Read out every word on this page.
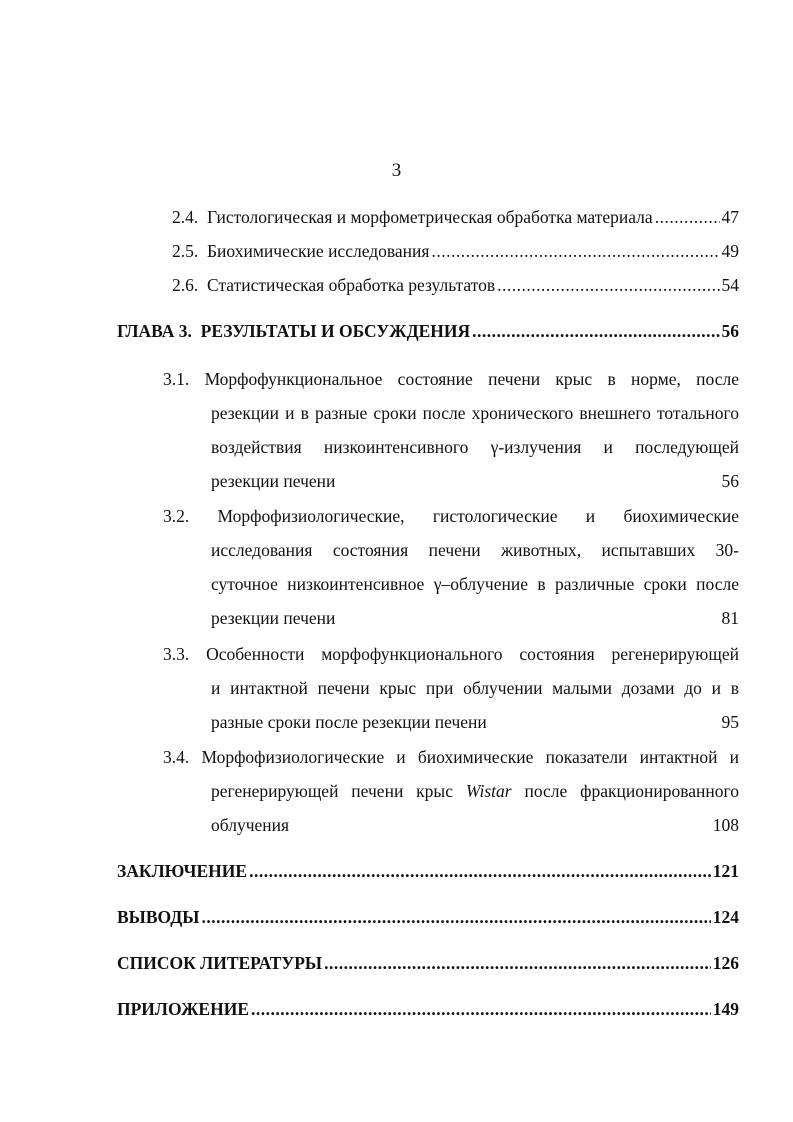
3
2.4.
Гистологическая и морфометрическая обработка материала .....	47
2.5.
Биохимические исследования .....	49
2.6.
Статистическая обработка результатов .....	54
ГЛАВА 3.
РЕЗУЛЬТАТЫ И ОБСУЖДЕНИЯ .....	56
3.1. Морфофункциональное состояние печени крыс в норме, после
резекции и в разные сроки после хронического внешнего тотального
воздействия низкоинтенсивного γ-излучения и последующей
резекции печени	56
3.2. Морфофизиологические, гистологические и биохимические
исследования состояния печени животных, испытавших 30-
суточное низкоинтенсивное γ–облучение в различные сроки после
резекции печени	81
3.3. Особенности морфофункционального состояния регенерирующей
и интактной печени крыс при облучении малыми дозами до и в
разные сроки после резекции печени	95
3.4. Морфофизиологические и биохимические показатели интактной и
регенерирующей печени крыс Wistar после фракционированного
облучения	108
ЗАКЛЮЧЕНИЕ .....	121
ВЫВОДЫ .....	124
СПИСОК ЛИТЕРАТУРЫ .....	126
ПРИЛОЖЕНИЕ .....	149
